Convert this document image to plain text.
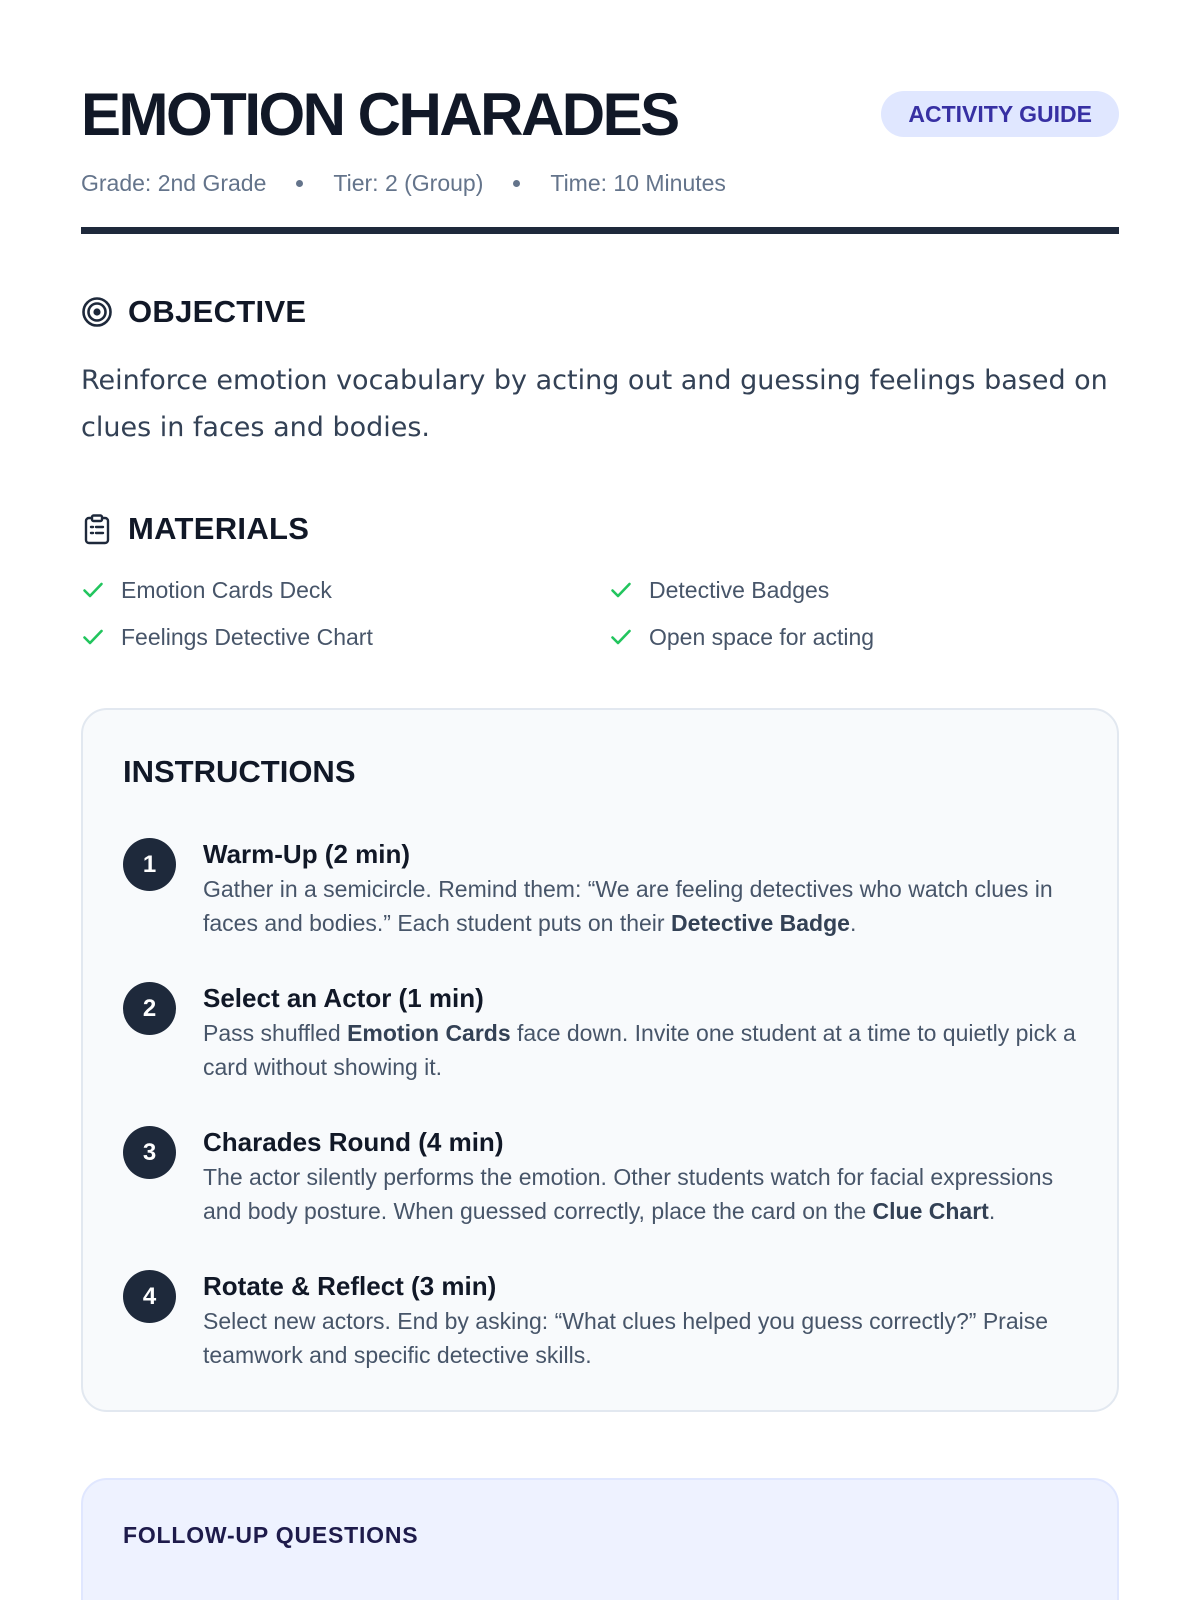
EMOTION CHARADES	ACTIVITY GUIDE
Grade: 2nd Grade	Tier: 2 (Group)	Time: 10 Minutes
OBJECTIVE

Reinforce emotion vocabulary by acting out and guessing feelings based on clues in faces and bodies.

MATERIALS
Emotion Cards Deck	Detective Badges
Feelings Detective Chart	Open space for acting
INSTRUCTIONS
1	Warm-Up (2 min)
Gather in a semicircle. Remind them: “We are feeling detectives who watch clues in faces and bodies.” Each student puts on their Detective Badge.
2	Select an Actor (1 min)
Pass shuffled Emotion Cards face down. Invite one student at a time to quietly pick a card without showing it.
3	Charades Round (4 min)
The actor silently performs the emotion. Other students watch for facial expressions and body posture. When guessed correctly, place the card on the Clue Chart.
4	Rotate & Reflect (3 min)
Select new actors. End by asking: “What clues helped you guess correctly?” Praise teamwork and specific detective skills.
FOLLOW-UP QUESTIONS
